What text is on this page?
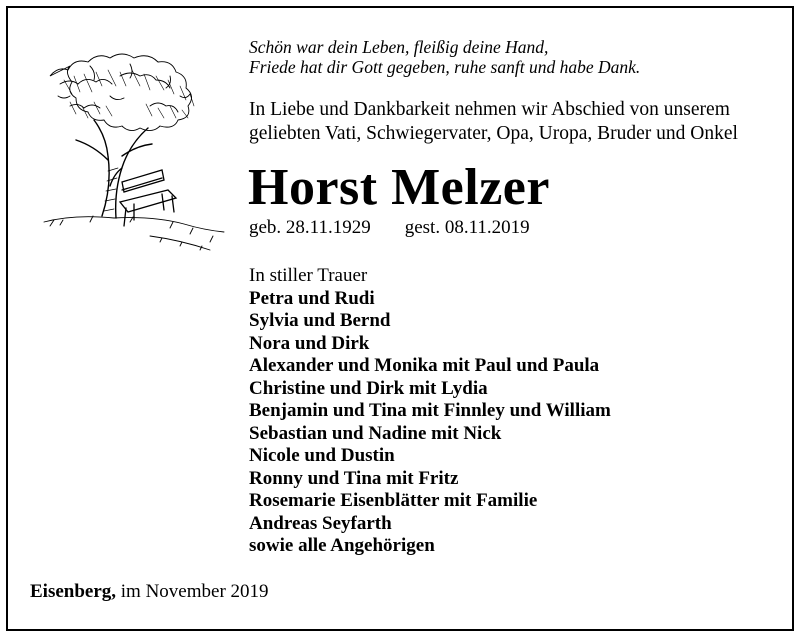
Schön war dein Leben, fleißig deine Hand,
Friede hat dir Gott gegeben, ruhe sanft und habe Dank.
In Liebe und Dankbarkeit nehmen wir Abschied von unserem
geliebten Vati, Schwiegervater, Opa, Uropa, Bruder und Onkel
Horst Melzer
geb. 28.11.1929 gest. 08.11.2019
In stiller Trauer
Petra und Rudi
Sylvia und Bernd
Nora und Dirk
Alexander und Monika mit Paul und Paula
Christine und Dirk mit Lydia
Benjamin und Tina mit Finnley und William
Sebastian und Nadine mit Nick
Nicole und Dustin
Ronny und Tina mit Fritz
Rosemarie Eisenblätter mit Familie
Andreas Seyfarth
sowie alle Angehörigen
Eisenberg, im November 2019
